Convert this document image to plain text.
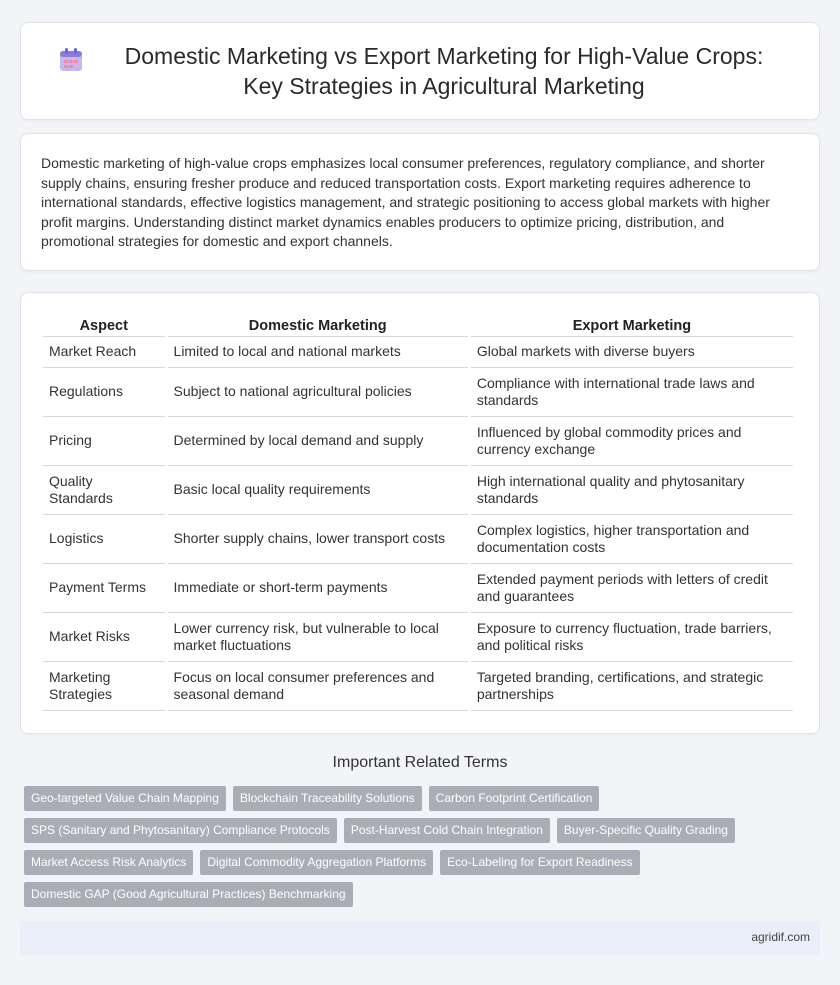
Domestic Marketing vs Export Marketing for High-Value Crops: Key Strategies in Agricultural Marketing

Domestic marketing of high-value crops emphasizes local consumer preferences, regulatory compliance, and shorter supply chains, ensuring fresher produce and reduced transportation costs. Export marketing requires adherence to international standards, effective logistics management, and strategic positioning to access global markets with higher profit margins. Understanding distinct market dynamics enables producers to optimize pricing, distribution, and promotional strategies for domestic and export channels.

Aspect	Domestic Marketing	Export Marketing
Market Reach	Limited to local and national markets	Global markets with diverse buyers
Regulations	Subject to national agricultural policies	Compliance with international trade laws and standards
Pricing	Determined by local demand and supply	Influenced by global commodity prices and currency exchange
Quality Standards	Basic local quality requirements	High international quality and phytosanitary standards
Logistics	Shorter supply chains, lower transport costs	Complex logistics, higher transportation and documentation costs
Payment Terms	Immediate or short-term payments	Extended payment periods with letters of credit and guarantees
Market Risks	Lower currency risk, but vulnerable to local market fluctuations	Exposure to currency fluctuation, trade barriers, and political risks
Marketing Strategies	Focus on local consumer preferences and seasonal demand	Targeted branding, certifications, and strategic partnerships
Important Related Terms
Geo-targeted Value Chain Mapping	Blockchain Traceability Solutions	Carbon Footprint Certification
SPS (Sanitary and Phytosanitary) Compliance Protocols	Post-Harvest Cold Chain Integration	Buyer-Specific Quality Grading
Market Access Risk Analytics	Digital Commodity Aggregation Platforms	Eco-Labeling for Export Readiness
Domestic GAP (Good Agricultural Practices) Benchmarking
agridif.com
